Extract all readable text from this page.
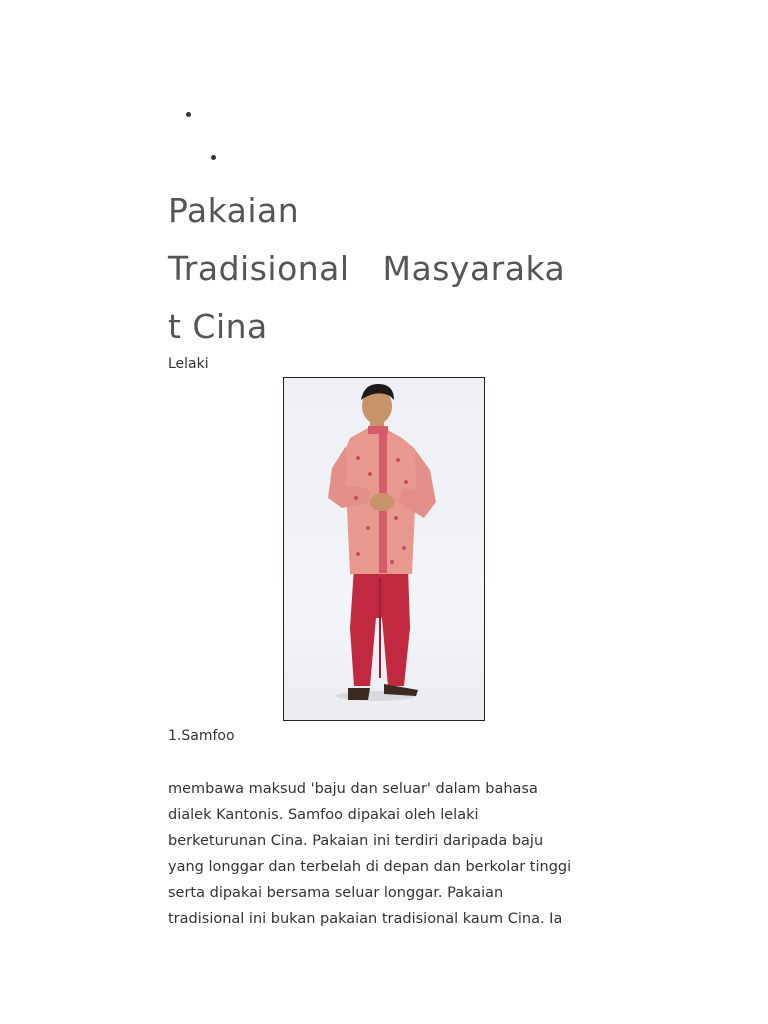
Pakaian
Tradisional   Masyaraka
t Cina
Lelaki
1.Samfoo
membawa maksud 'baju dan seluar' dalam bahasa
dialek Kantonis. Samfoo dipakai oleh lelaki
berketurunan Cina. Pakaian ini terdiri daripada baju
yang longgar dan terbelah di depan dan berkolar tinggi
serta dipakai bersama seluar longgar. Pakaian
tradisional ini bukan pakaian tradisional kaum Cina. Ia
